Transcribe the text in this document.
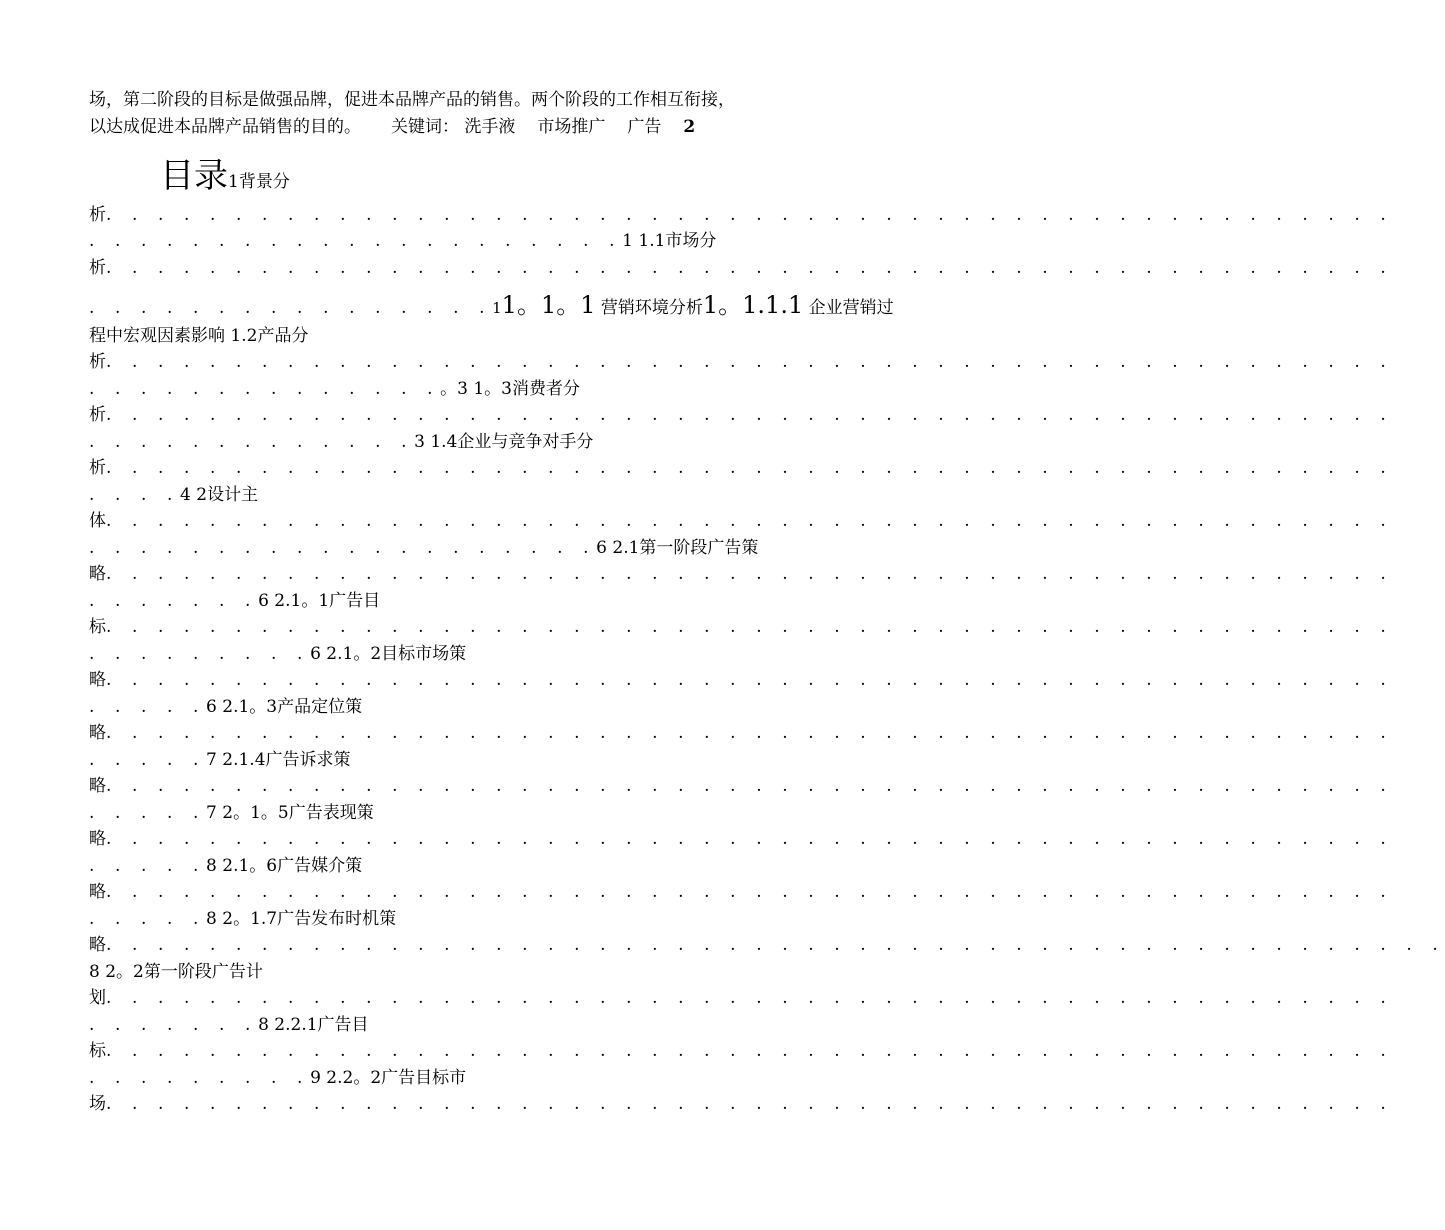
场，第二阶段的目标是做强品牌，促进本品牌产品的销售。两个阶段的工作相互衔接，
以达成促进本品牌产品销售的目的。 关键词： 洗手液 市场推广 广告 2
目录1背景分
析. . . . . . . . . . . . . . . . . . . . . . . . . . . . . . . . . . . . . . . . . . . . . . . . . .
. . . . . . . . . . . . . . . . . . . . .1 1.1市场分
析. . . . . . . . . . . . . . . . . . . . . . . . . . . . . . . . . . . . . . . . . . . . . . . . . .
. . . . . . . . . . . . . . . .11。1。1 营销环境分析1。1.1.1 企业营销过
程中宏观因素影响 1.2产品分
析. . . . . . . . . . . . . . . . . . . . . . . . . . . . . . . . . . . . . . . . . . . . . . . . . .
. . . . . . . . . . . . . .。3 1。3消费者分
析. . . . . . . . . . . . . . . . . . . . . . . . . . . . . . . . . . . . . . . . . . . . . . . . . .
. . . . . . . . . . . . .3 1.4企业与竞争对手分
析. . . . . . . . . . . . . . . . . . . . . . . . . . . . . . . . . . . . . . . . . . . . . . . . . .
. . . .4 2设计主
体. . . . . . . . . . . . . . . . . . . . . . . . . . . . . . . . . . . . . . . . . . . . . . . . . .
. . . . . . . . . . . . . . . . . . . .6 2.1第一阶段广告策
略. . . . . . . . . . . . . . . . . . . . . . . . . . . . . . . . . . . . . . . . . . . . . . . . . .
. . . . . . .6 2.1。1广告目
标. . . . . . . . . . . . . . . . . . . . . . . . . . . . . . . . . . . . . . . . . . . . . . . . . .
. . . . . . . . .6 2.1。2目标市场策
略. . . . . . . . . . . . . . . . . . . . . . . . . . . . . . . . . . . . . . . . . . . . . . . . . .
. . . . .6 2.1。3产品定位策
略. . . . . . . . . . . . . . . . . . . . . . . . . . . . . . . . . . . . . . . . . . . . . . . . . .
. . . . .7 2.1.4广告诉求策
略. . . . . . . . . . . . . . . . . . . . . . . . . . . . . . . . . . . . . . . . . . . . . . . . . .
. . . . .7 2。1。5广告表现策
略. . . . . . . . . . . . . . . . . . . . . . . . . . . . . . . . . . . . . . . . . . . . . . . . . .
. . . . .8 2.1。6广告媒介策
略. . . . . . . . . . . . . . . . . . . . . . . . . . . . . . . . . . . . . . . . . . . . . . . . . .
. . . . .8 2。1.7广告发布时机策
略. . . . . . . . . . . . . . . . . . . . . . . . . . . . . . . . . . . . . . . . . . . . . . . . . . . .
8 2。2第一阶段广告计
划. . . . . . . . . . . . . . . . . . . . . . . . . . . . . . . . . . . . . . . . . . . . . . . . . .
. . . . . . .8 2.2.1广告目
标. . . . . . . . . . . . . . . . . . . . . . . . . . . . . . . . . . . . . . . . . . . . . . . . . .
. . . . . . . . .9 2.2。2广告目标市
场. . . . . . . . . . . . . . . . . . . . . . . . . . . . . . . . . . . . . . . . . . . . . . . . . .
